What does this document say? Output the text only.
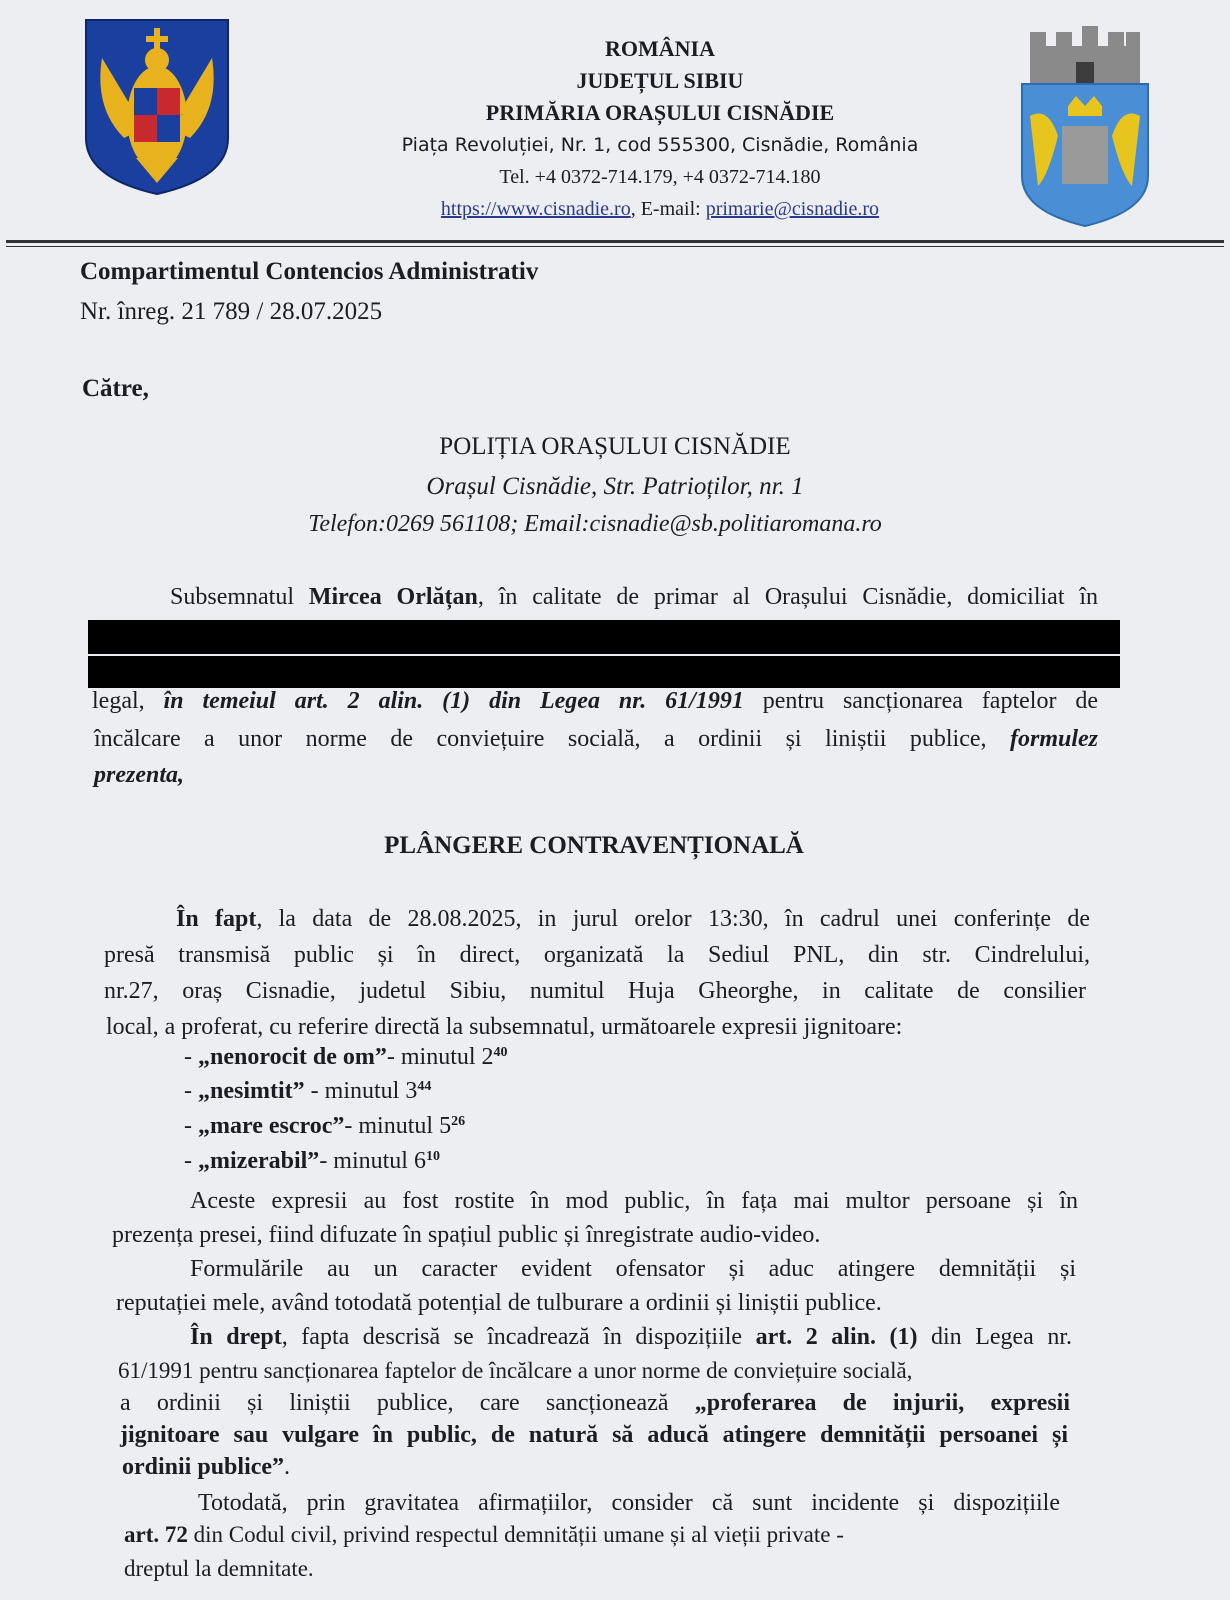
ROMÂNIA
JUDEȚUL SIBIU
PRIMĂRIA ORAȘULUI CISNĂDIE
Piața Revoluției, Nr. 1, cod 555300, Cisnădie, România
Tel. +4 0372-714.179, +4 0372-714.180
https://www.cisnadie.ro, E-mail: primarie@cisnadie.ro
Compartimentul Contencios Administrativ
Nr. înreg. 21 789 / 28.07.2025
Către,
POLIȚIA ORAȘULUI CISNĂDIE
Orașul Cisnădie, Str. Patrioților, nr. 1
Telefon:0269 561108; Email:cisnadie@sb.politiaromana.ro
Subsemnatul Mircea Orlățan, în calitate de primar al Orașului Cisnădie, domiciliat în
legal, în temeiul art. 2 alin. (1) din Legea nr. 61/1991 pentru sancționarea faptelor de
încălcare a unor norme de conviețuire socială, a ordinii și liniștii publice, formulez
prezenta,
PLÂNGERE CONTRAVENȚIONALĂ
În fapt, la data de 28.08.2025, in jurul orelor 13:30, în cadrul unei conferințe de
presă transmisă public și în direct, organizată la Sediul PNL, din str. Cindrelului,
nr.27, oraș Cisnadie, judetul Sibiu, numitul Huja Gheorghe, in calitate de consilier
local, a proferat, cu referire directă la subsemnatul, următoarele expresii jignitoare:
- „nenorocit de om”- minutul $2^{40}$
- „nesimtit” - minutul $3^{44}$
- „mare escroc”- minutul $5^{26}$
- „mizerabil”- minutul $6^{10}$
Aceste expresii au fost rostite în mod public, în fața mai multor persoane și în
prezența presei, fiind difuzate în spațiul public și înregistrate audio-video.
Formulările au un caracter evident ofensator și aduc atingere demnității și
reputației mele, având totodată potențial de tulburare a ordinii și liniștii publice.
În drept, fapta descrisă se încadrează în dispozițiile art. 2 alin. (1) din Legea nr.
61/1991 pentru sancționarea faptelor de încălcare a unor norme de conviețuire socială,
a ordinii și liniștii publice, care sancționează „proferarea de injurii, expresii
jignitoare sau vulgare în public, de natură să aducă atingere demnității persoanei și
ordinii publice”.
Totodată, prin gravitatea afirmațiilor, consider că sunt incidente și dispozițiile
art. 72 din Codul civil, privind respectul demnității umane și al vieții private -
dreptul la demnitate.
